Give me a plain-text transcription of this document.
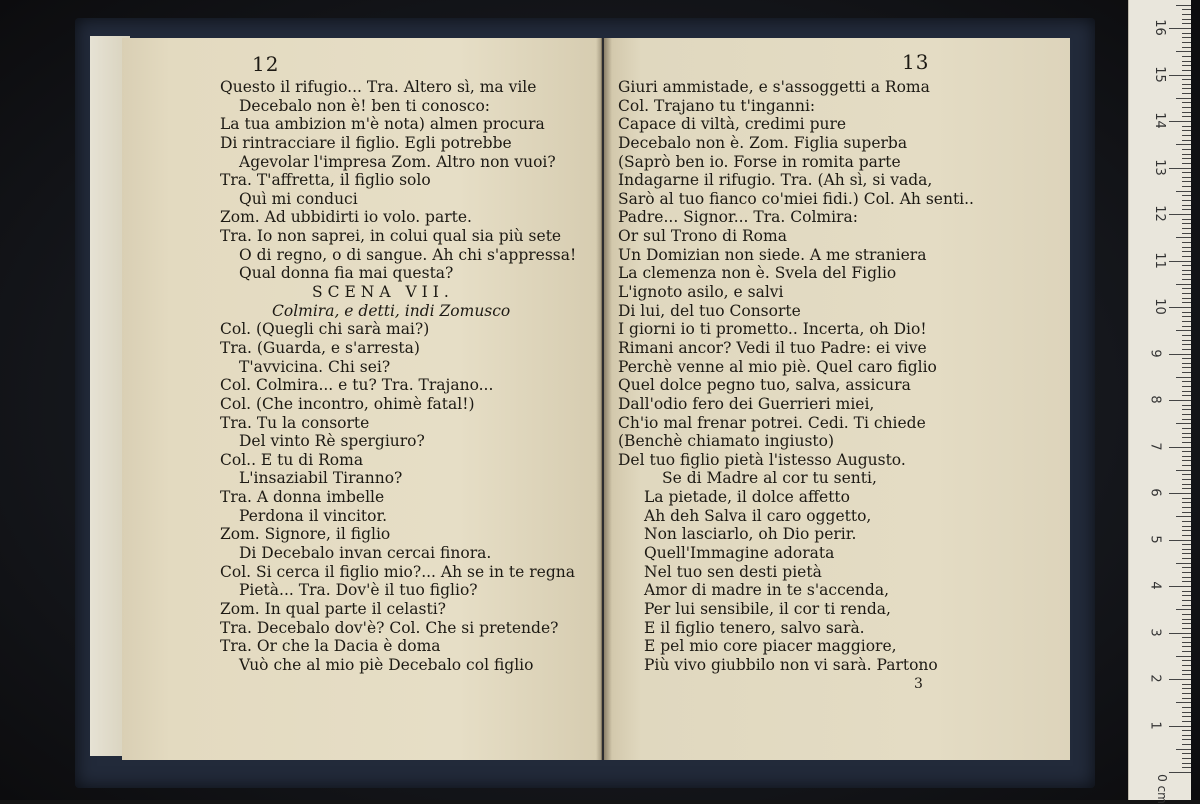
12
Questo il rifugio... Tra. Altero sì, ma vile
Decebalo non è! ben ti conosco:
La tua ambizion m'è nota) almen procura
Di rintracciare il figlio. Egli potrebbe
Agevolar l'impresa Zom. Altro non vuoi?
Tra. T'affretta, il figlio solo
Quì mi conduci
Zom. Ad ubbidirti io volo. parte.
Tra. Io non saprei, in colui qual sia più sete
O di regno, o di sangue. Ah chi s'appressa!
Qual donna fia mai questa?
SCENA VII.
Colmira, e detti, indi Zomusco
Col. (Quegli chi sarà mai?)
Tra. (Guarda, e s'arresta)
T'avvicina. Chi sei?
Col. Colmira... e tu? Tra. Trajano...
Col. (Che incontro, ohimè fatal!)
Tra. Tu la consorte
Del vinto Rè spergiuro?
Col.. E tu di Roma
L'insaziabil Tiranno?
Tra. A donna imbelle
Perdona il vincitor.
Zom. Signore, il figlio
Di Decebalo invan cercai finora.
Col. Si cerca il figlio mio?... Ah se in te regna
Pietà... Tra. Dov'è il tuo figlio?
Zom. In qual parte il celasti?
Tra. Decebalo dov'è? Col. Che si pretende?
Tra. Or che la Dacia è doma
Vuò che al mio piè Decebalo col figlio
13
Giuri ammistade, e s'assoggetti a Roma
Col. Trajano tu t'inganni:
Capace di viltà, credimi pure
Decebalo non è. Zom. Figlia superba
(Saprò ben io. Forse in romita parte
Indagarne il rifugio. Tra. (Ah sì, si vada,
Sarò al tuo fianco co'miei fidi.) Col. Ah senti..
Padre... Signor... Tra. Colmira:
Or sul Trono di Roma
Un Domizian non siede. A me straniera
La clemenza non è. Svela del Figlio
L'ignoto asilo, e salvi
Di lui, del tuo Consorte
I giorni io ti prometto.. Incerta, oh Dio!
Rimani ancor? Vedi il tuo Padre: ei vive
Perchè venne al mio piè. Quel caro figlio
Quel dolce pegno tuo, salva, assicura
Dall'odio fero dei Guerrieri miei,
Ch'io mal frenar potrei. Cedi. Ti chiede
(Benchè chiamato ingiusto)
Del tuo figlio pietà l'istesso Augusto.
Se di Madre al cor tu senti,
La pietade, il dolce affetto
Ah deh Salva il caro oggetto,
Non lasciarlo, oh Dio perir.
Quell'Immagine adorata
Nel tuo sen desti pietà
Amor di madre in te s'accenda,
Per lui sensibile, il cor ti renda,
E il figlio tenero, salvo sarà.
E pel mio core piacer maggiore,
Più vivo giubbilo non vi sarà. Partono
3
0 cm
1
2
3
4
5
6
7
8
9
10
11
12
13
14
15
16
